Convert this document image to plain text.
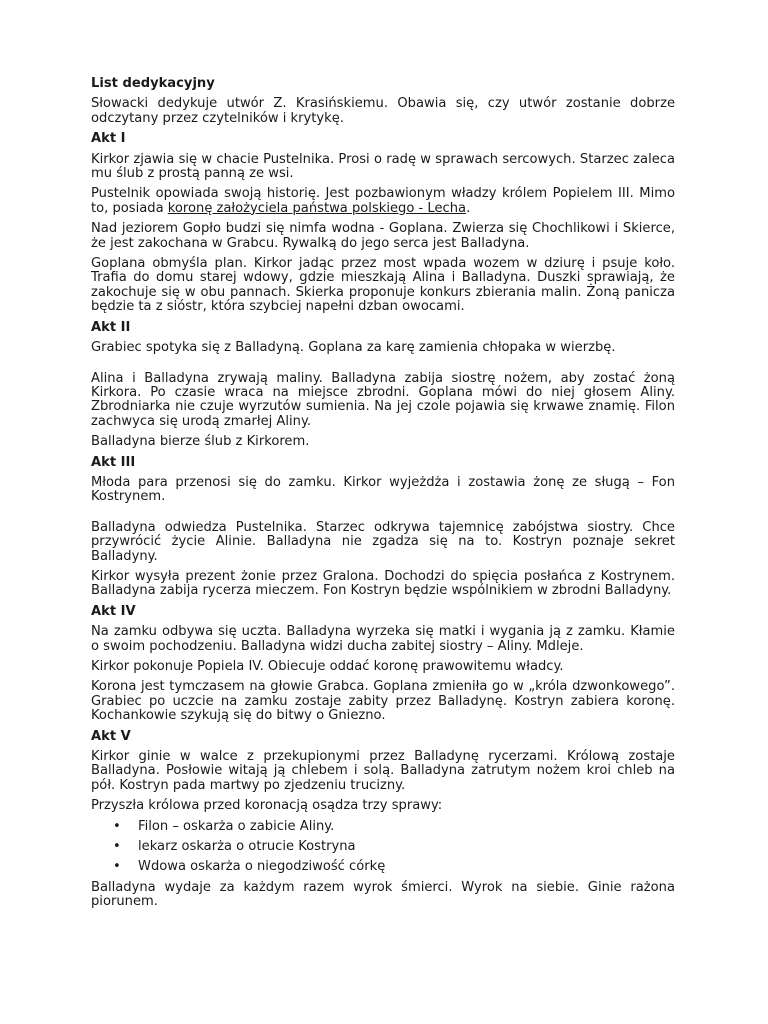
List dedykacyjny

Słowacki dedykuje utwór Z. Krasińskiemu. Obawia się, czy utwór zostanie dobrze odczytany przez czytelników i krytykę.

Akt I

Kirkor zjawia się w chacie Pustelnika. Prosi o radę w sprawach sercowych. Starzec zaleca mu ślub z prostą panną ze wsi.

Pustelnik opowiada swoją historię. Jest pozbawionym władzy królem Popielem III. Mimo to, posiada koronę założyciela państwa polskiego - Lecha.

Nad jeziorem Gopło budzi się nimfa wodna - Goplana. Zwierza się Chochlikowi i Skierce, że jest zakochana w Grabcu. Rywalką do jego serca jest Balladyna.

Goplana obmyśla plan. Kirkor jadąc przez most wpada wozem w dziurę i psuje koło. Trafia do domu starej wdowy, gdzie mieszkają Alina i Balladyna. Duszki sprawiają, że zakochuje się w obu pannach. Skierka proponuje konkurs zbierania malin. Żoną panicza będzie ta z sióstr, która szybciej napełni dzban owocami.

Akt II

Grabiec spotyka się z Balladyną. Goplana za karę zamienia chłopaka w wierzbę.

Alina i Balladyna zrywają maliny. Balladyna zabija siostrę nożem, aby zostać żoną Kirkora. Po czasie wraca na miejsce zbrodni. Goplana mówi do niej głosem Aliny. Zbrodniarka nie czuje wyrzutów sumienia. Na jej czole pojawia się krwawe znamię. Filon zachwyca się urodą zmarłej Aliny.

Balladyna bierze ślub z Kirkorem.

Akt III

Młoda para przenosi się do zamku. Kirkor wyjeżdża i zostawia żonę ze sługą – Fon Kostrynem.

Balladyna odwiedza Pustelnika. Starzec odkrywa tajemnicę zabójstwa siostry. Chce przywrócić życie Alinie. Balladyna nie zgadza się na to. Kostryn poznaje sekret Balladyny.

Kirkor wysyła prezent żonie przez Gralona. Dochodzi do spięcia posłańca z Kostrynem. Balladyna zabija rycerza mieczem. Fon Kostryn będzie wspólnikiem w zbrodni Balladyny.

Akt IV

Na zamku odbywa się uczta. Balladyna wyrzeka się matki i wygania ją z zamku. Kłamie o swoim pochodzeniu. Balladyna widzi ducha zabitej siostry – Aliny. Mdleje.

Kirkor pokonuje Popiela IV. Obiecuje oddać koronę prawowitemu władcy.

Korona jest tymczasem na głowie Grabca. Goplana zmieniła go w „króla dzwonkowego”. Grabiec po uczcie na zamku zostaje zabity przez Balladynę. Kostryn zabiera koronę. Kochankowie szykują się do bitwy o Gniezno.

Akt V

Kirkor ginie w walce z przekupionymi przez Balladynę rycerzami. Królową zostaje Balladyna. Posłowie witają ją chlebem i solą. Balladyna zatrutym nożem kroi chleb na pół. Kostryn pada martwy po zjedzeniu trucizny.

Przyszła królowa przed koronacją osądza trzy sprawy:

• Filon – oskarża o zabicie Aliny.
• lekarz oskarża o otrucie Kostryna
• Wdowa oskarża o niegodziwość córkę

Balladyna wydaje za każdym razem wyrok śmierci. Wyrok na siebie. Ginie rażona piorunem.
